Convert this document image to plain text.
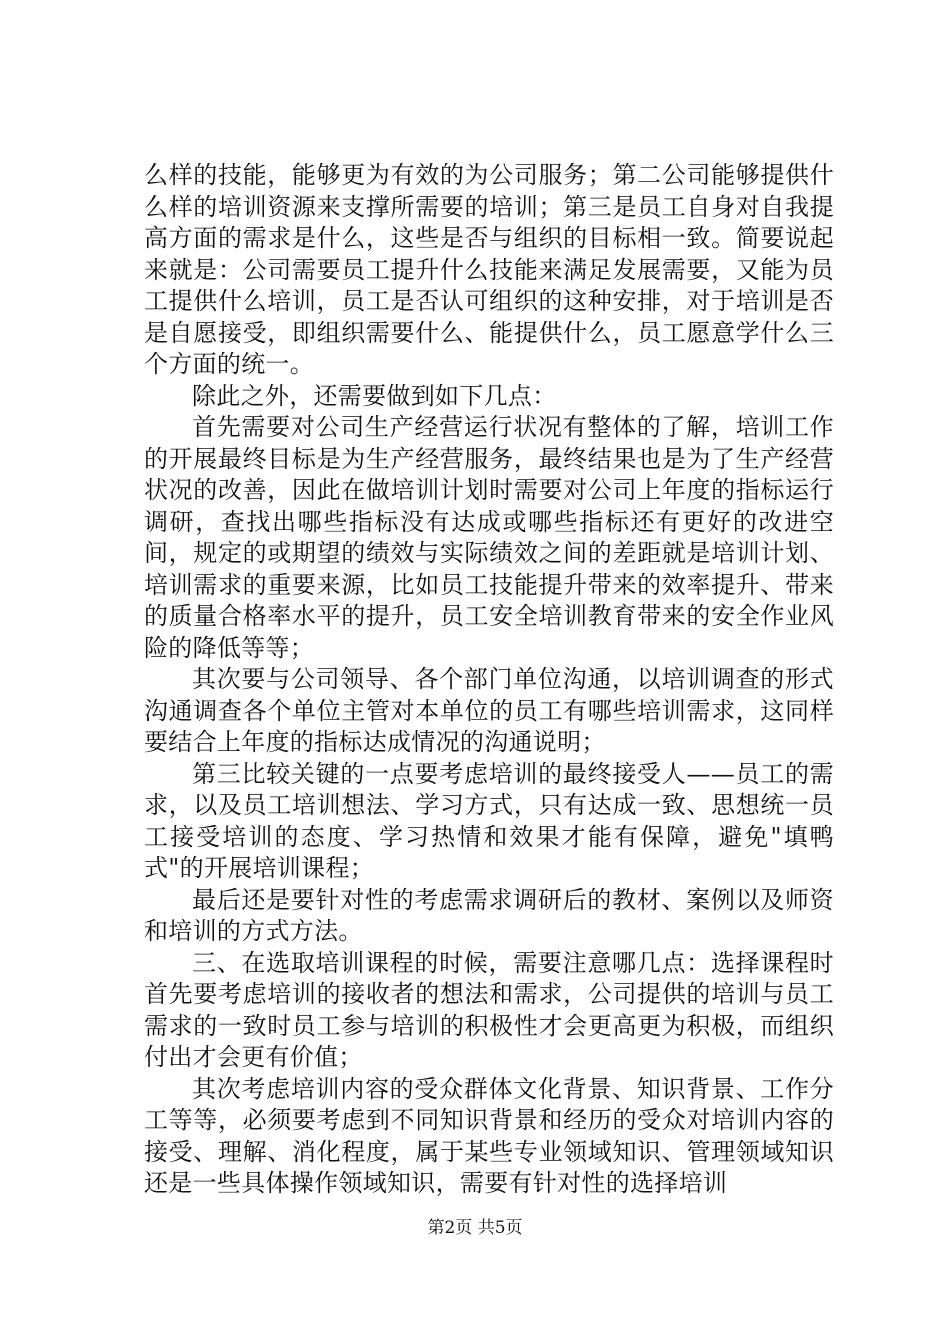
么样的技能，能够更为有效的为公司服务；第二公司能够提供什么样的培训资源来支撑所需要的培训；第三是员工自身对自我提高方面的需求是什么，这些是否与组织的目标相一致。简要说起来就是：公司需要员工提升什么技能来满足发展需要，又能为员工提供什么培训，员工是否认可组织的这种安排，对于培训是否是自愿接受，即组织需要什么、能提供什么，员工愿意学什么三个方面的统一。

除此之外，还需要做到如下几点：

首先需要对公司生产经营运行状况有整体的了解，培训工作的开展最终目标是为生产经营服务，最终结果也是为了生产经营状况的改善，因此在做培训计划时需要对公司上年度的指标运行调研，查找出哪些指标没有达成或哪些指标还有更好的改进空间，规定的或期望的绩效与实际绩效之间的差距就是培训计划、培训需求的重要来源，比如员工技能提升带来的效率提升、带来的质量合格率水平的提升，员工安全培训教育带来的安全作业风险的降低等等；

其次要与公司领导、各个部门单位沟通，以培训调查的形式沟通调查各个单位主管对本单位的员工有哪些培训需求，这同样要结合上年度的指标达成情况的沟通说明；

第三比较关键的一点要考虑培训的最终接受人——员工的需求，以及员工培训想法、学习方式，只有达成一致、思想统一员工接受培训的态度、学习热情和效果才能有保障，避免"填鸭式"的开展培训课程；

最后还是要针对性的考虑需求调研后的教材、案例以及师资和培训的方式方法。

三、在选取培训课程的时候，需要注意哪几点：选择课程时首先要考虑培训的接收者的想法和需求，公司提供的培训与员工需求的一致时员工参与培训的积极性才会更高更为积极，而组织付出才会更有价值；

其次考虑培训内容的受众群体文化背景、知识背景、工作分工等等，必须要考虑到不同知识背景和经历的受众对培训内容的接受、理解、消化程度，属于某些专业领域知识、管理领域知识还是一些具体操作领域知识，需要有针对性的选择培训

第2页 共5页
